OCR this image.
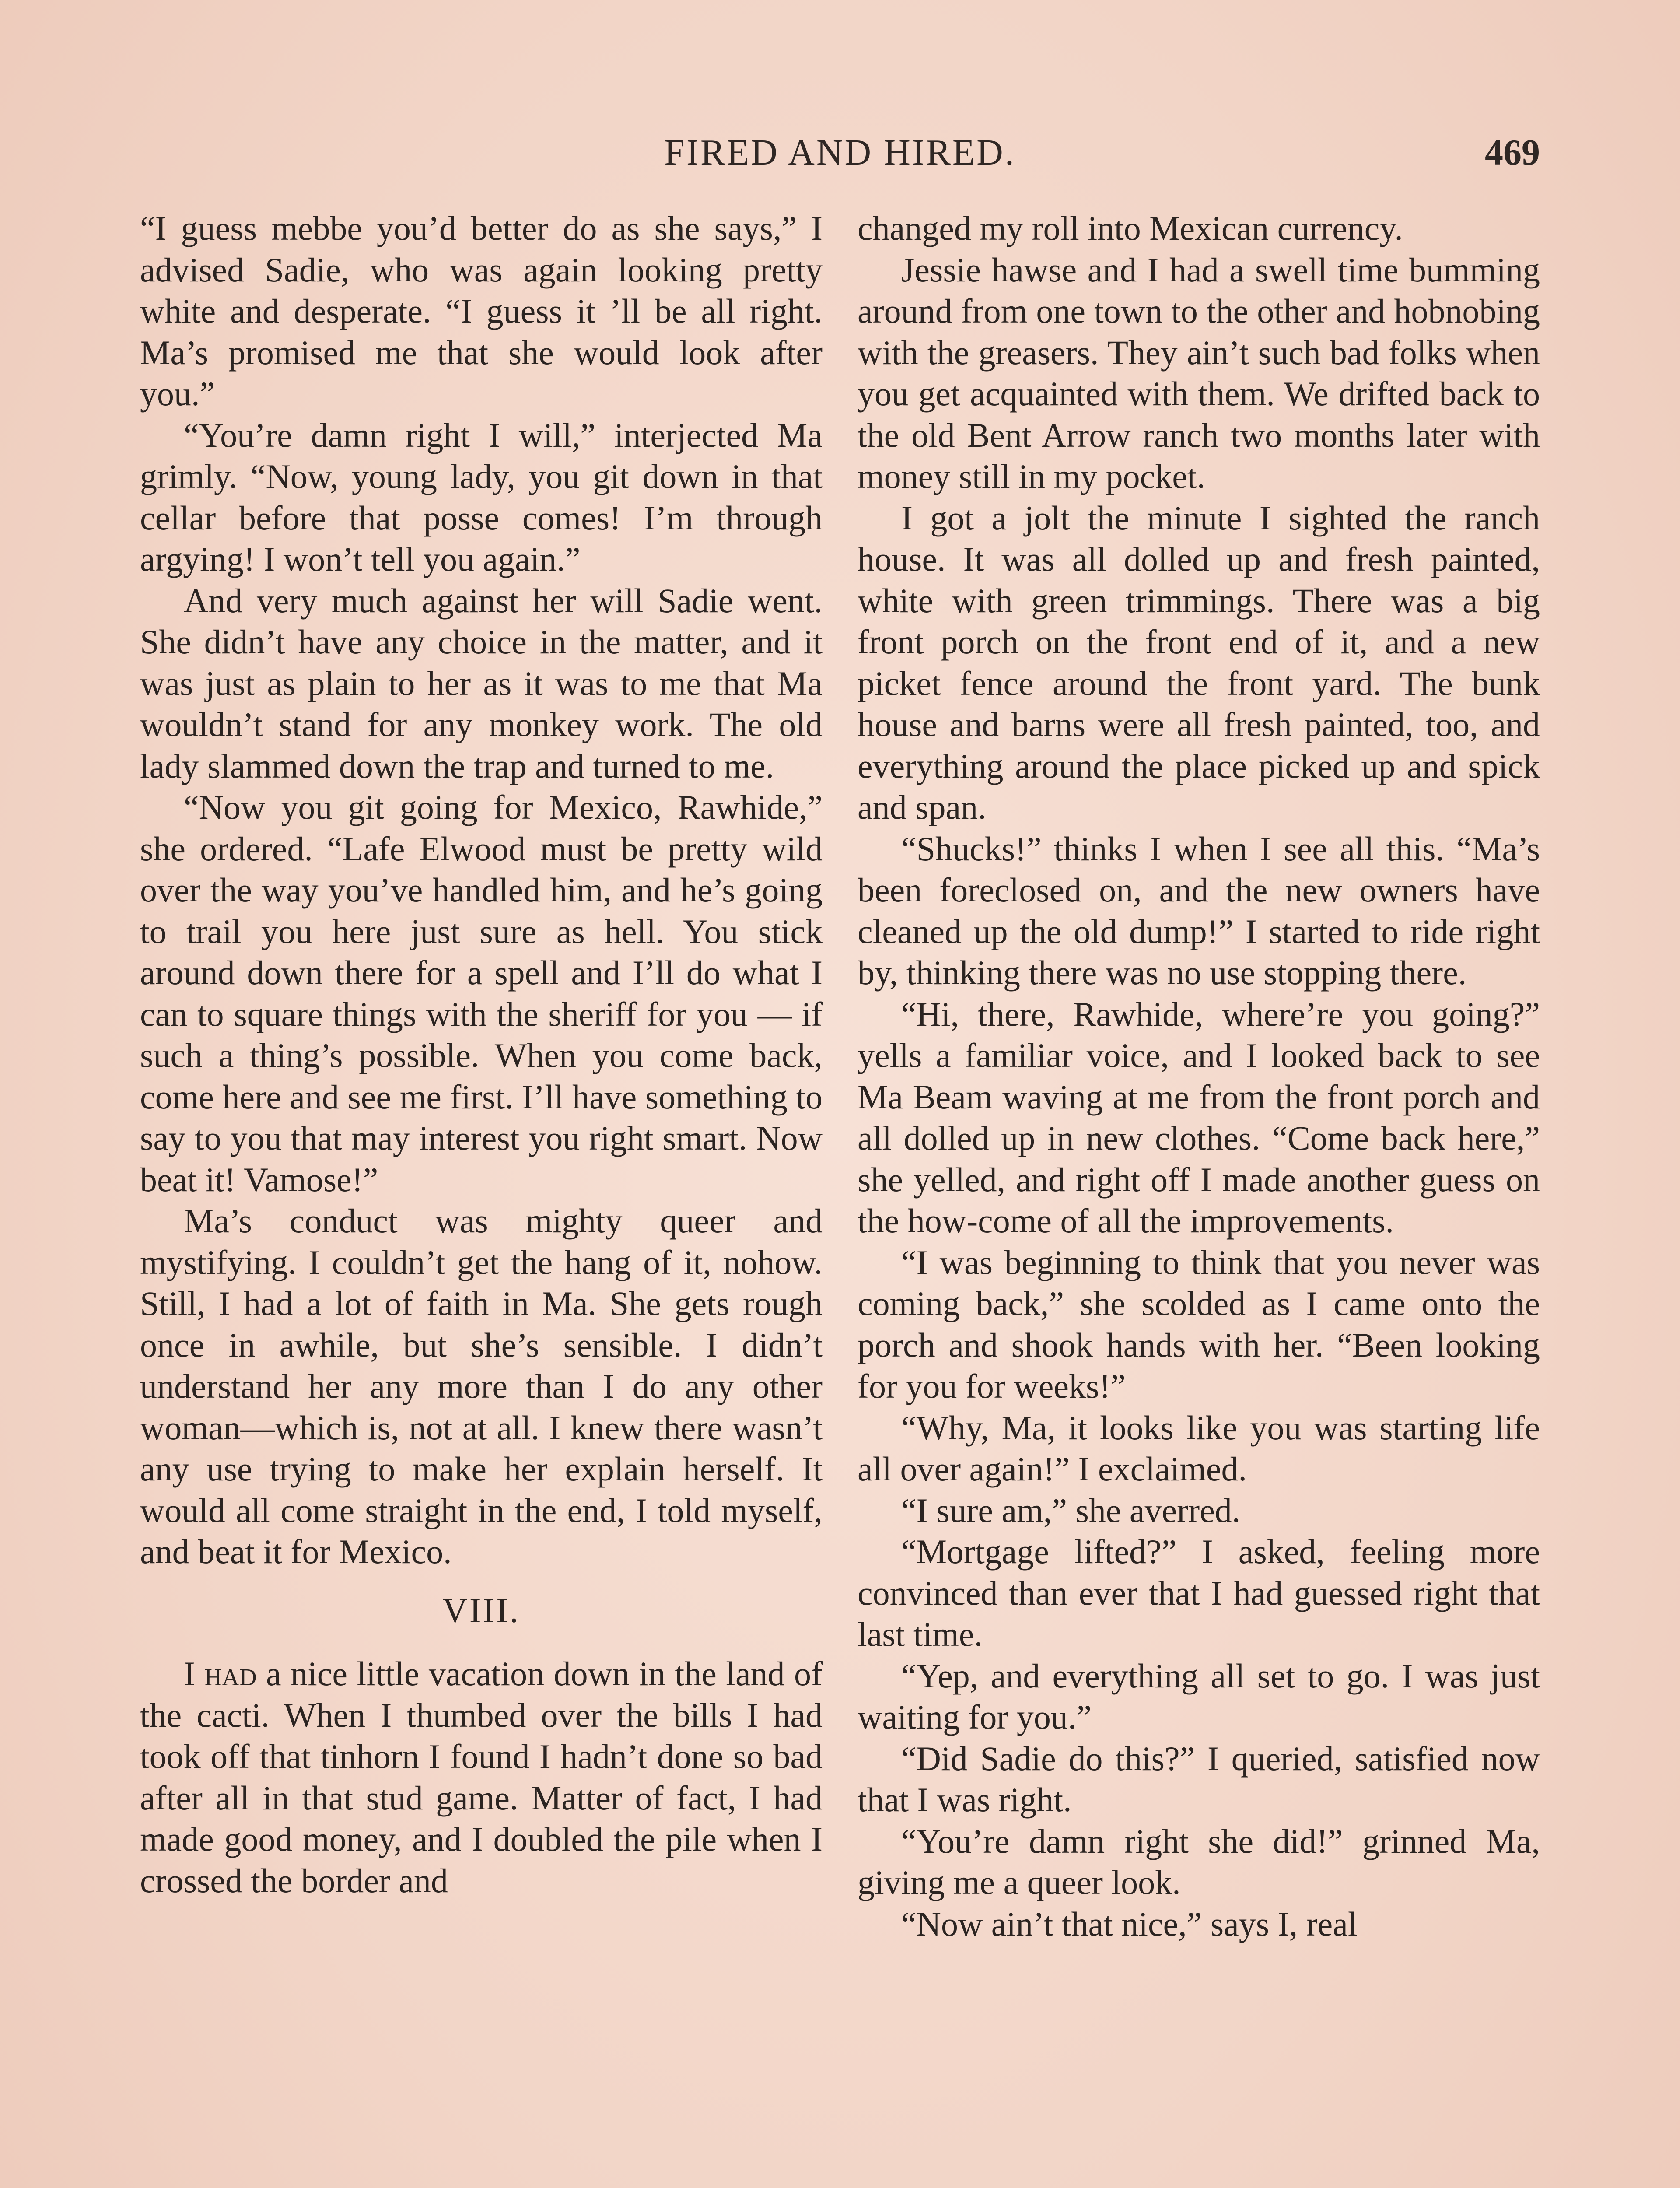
FIRED AND HIRED.	469

“I guess mebbe you’d better do as she says,” I advised Sadie, who was again looking pretty white and desperate. “I guess it ’ll be all right. Ma’s promised me that she would look after you.”

“You’re damn right I will,” interjected Ma grimly. “Now, young lady, you git down in that cellar before that posse comes! I’m through argying! I won’t tell you again.”

And very much against her will Sadie went. She didn’t have any choice in the matter, and it was just as plain to her as it was to me that Ma wouldn’t stand for any monkey work. The old lady slammed down the trap and turned to me.

“Now you git going for Mexico, Rawhide,” she ordered. “Lafe Elwood must be pretty wild over the way you’ve handled him, and he’s going to trail you here just sure as hell. You stick around down there for a spell and I’ll do what I can to square things with the sheriff for you — if such a thing’s possible. When you come back, come here and see me first. I’ll have something to say to you that may interest you right smart. Now beat it! Vamose!”

Ma’s conduct was mighty queer and mystifying. I couldn’t get the hang of it, nohow. Still, I had a lot of faith in Ma. She gets rough once in awhile, but she’s sensible. I didn’t understand her any more than I do any other woman—which is, not at all. I knew there wasn’t any use trying to make her explain herself. It would all come straight in the end, I told myself, and beat it for Mexico.

VIII.

I had a nice little vacation down in the land of the cacti. When I thumbed over the bills I had took off that tinhorn I found I hadn’t done so bad after all in that stud game. Matter of fact, I had made good money, and I doubled the pile when I crossed the border and

changed my roll into Mexican currency.

Jessie hawse and I had a swell time bumming around from one town to the other and hobnobing with the greasers. They ain’t such bad folks when you get acquainted with them. We drifted back to the old Bent Arrow ranch two months later with money still in my pocket.

I got a jolt the minute I sighted the ranch house. It was all dolled up and fresh painted, white with green trimmings. There was a big front porch on the front end of it, and a new picket fence around the front yard. The bunk house and barns were all fresh painted, too, and everything around the place picked up and spick and span.

“Shucks!” thinks I when I see all this. “Ma’s been foreclosed on, and the new owners have cleaned up the old dump!” I started to ride right by, thinking there was no use stopping there.

“Hi, there, Rawhide, where’re you going?” yells a familiar voice, and I looked back to see Ma Beam waving at me from the front porch and all dolled up in new clothes. “Come back here,” she yelled, and right off I made another guess on the how-come of all the improvements.

“I was beginning to think that you never was coming back,” she scolded as I came onto the porch and shook hands with her. “Been looking for you for weeks!”

“Why, Ma, it looks like you was starting life all over again!” I exclaimed.

“I sure am,” she averred.

“Mortgage lifted?” I asked, feeling more convinced than ever that I had guessed right that last time.

“Yep, and everything all set to go. I was just waiting for you.”

“Did Sadie do this?” I queried, satisfied now that I was right.

“You’re damn right she did!” grinned Ma, giving me a queer look.

“Now ain’t that nice,” says I, real
